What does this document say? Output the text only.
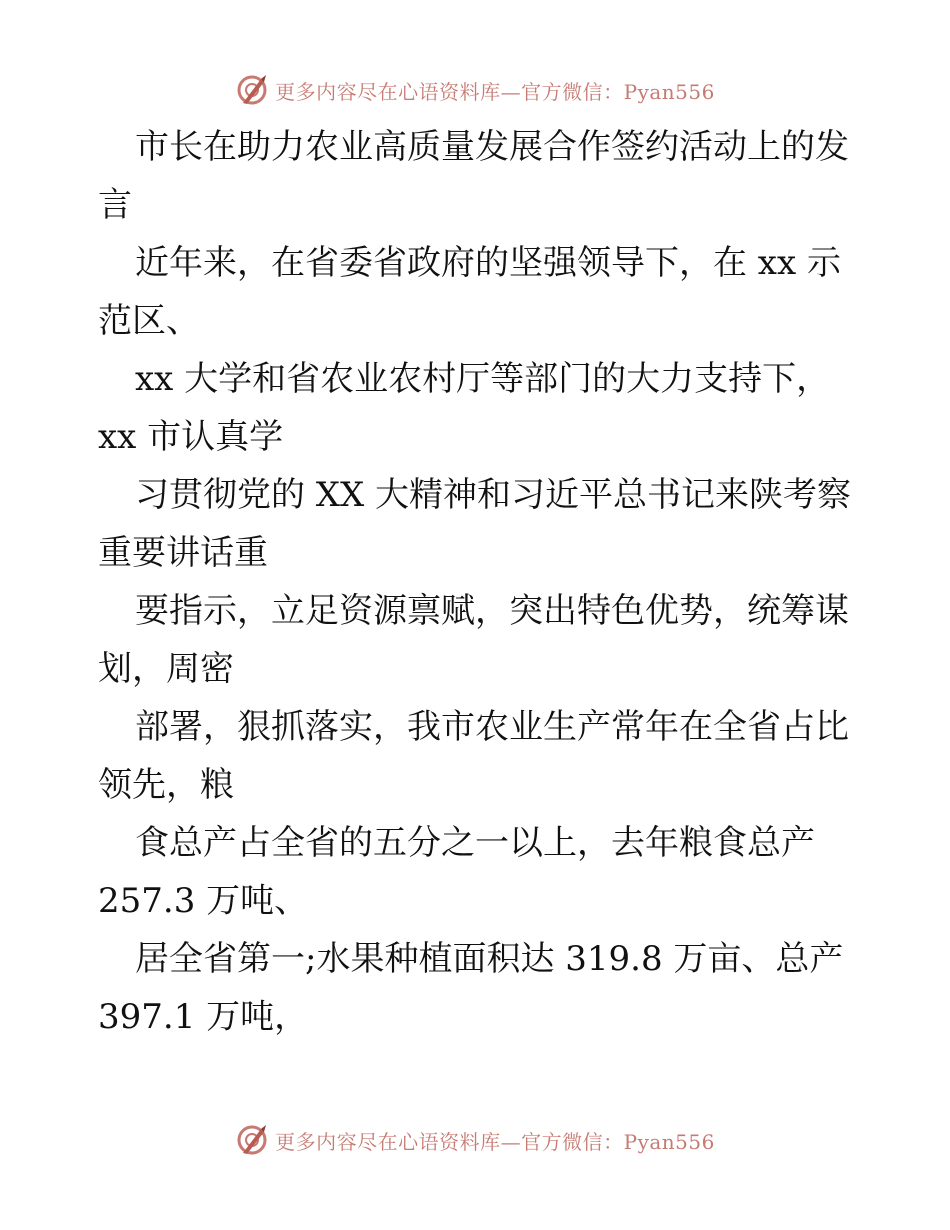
更多内容尽在心语资料库—官方微信：Pyan556
市长在助力农业高质量发展合作签约活动上的发
言
近年来，在省委省政府的坚强领导下，在 xx 示
范区、
xx 大学和省农业农村厅等部门的大力支持下，
xx 市认真学
习贯彻党的 XX 大精神和习近平总书记来陕考察
重要讲话重
要指示，立足资源禀赋，突出特色优势，统筹谋
划，周密
部署，狠抓落实，我市农业生产常年在全省占比
领先，粮
食总产占全省的五分之一以上，去年粮食总产
257.3 万吨、
居全省第一;水果种植面积达 319.8 万亩、总产
397.1 万吨，
更多内容尽在心语资料库—官方微信：Pyan556
